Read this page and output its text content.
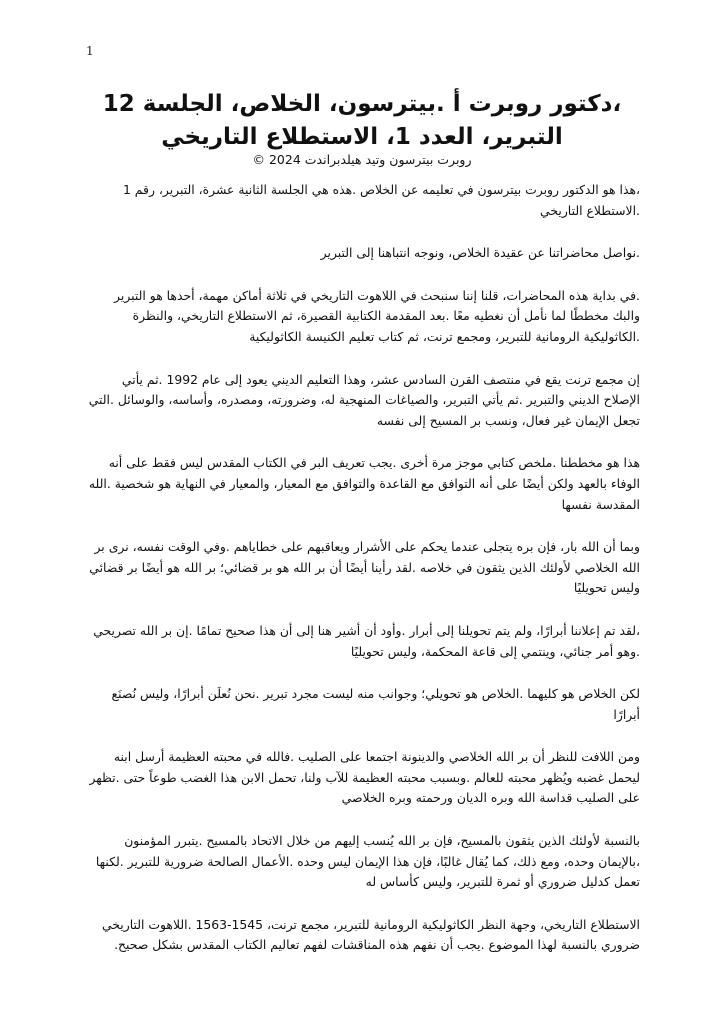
1
،دكتور روبرت أ .بيترسون، الخلاص، الجلسة 12
التبرير، العدد 1، الاستطلاع التاريخي

روبرت بيترسون وتيد هيلدبراندت 2024 ©

،هذا هو الدكتور روبرت بيترسون في تعليمه عن الخلاص .هذه هي الجلسة الثانية عشرة، التبرير، رقم 1 .الاستطلاع التاريخي

.نواصل محاضراتنا عن عقيدة الخلاص، ونوجه انتباهنا إلى التبرير

.في بداية هذه المحاضرات، قلنا إننا سنبحث في اللاهوت التاريخي في ثلاثة أماكن مهمة، أحدها هو التبرير والبك مخططًا لما نأمل أن نغطيه معًا .بعد المقدمة الكتابية القصيرة، ثم الاستطلاع التاريخي، والنظرة .الكاثوليكية الرومانية للتبرير، ومجمع ترنت، ثم كتاب تعليم الكنيسة الكاثوليكية

إن مجمع ترنت يقع في منتصف القرن السادس عشر، وهذا التعليم الديني يعود إلى عام 1992 .ثم يأتي الإصلاح الديني والتبرير .ثم يأتي التبرير، والصياغات المنهجية له، وضرورته، ومصدره، وأساسه، والوسائل .التي تجعل الإيمان غير فعال، ونسب بر المسيح إلى نفسه

هذا هو مخططنا .ملخص كتابي موجز مرة أخرى .يجب تعريف البر في الكتاب المقدس ليس فقط على أنه الوفاء بالعهد ولكن أيضًا على أنه التوافق مع القاعدة والتوافق مع المعيار، والمعيار في النهاية هو شخصية .الله المقدسة نفسها

وبما أن الله بار، فإن بره يتجلى عندما يحكم على الأشرار ويعاقبهم على خطاياهم .وفي الوقت نفسه، نرى بر الله الخلاصي لأولئك الذين يثقون في خلاصه .لقد رأينا أيضًا أن بر الله هو بر قضائي؛ بر الله هو أيضًا بر قضائي وليس تحويليًا

،لقد تم إعلاننا أبرارًا، ولم يتم تحويلنا إلى أبرار .وأود أن أشير هنا إلى أن هذا صحيح تمامًا .إن بر الله تصريحي .وهو أمر جنائي، وينتمي إلى قاعة المحكمة، وليس تحويليًا

لكن الخلاص هو كليهما .الخلاص هو تحويلي؛ وجوانب منه ليست مجرد تبرير .نحن نُعلَن أبرارًا، وليس نُصنَع أبرارًا

ومن اللافت للنظر أن بر الله الخلاصي والدينونة اجتمعا على الصليب .فالله في محبته العظيمة أرسل ابنه ليحمل غضبه ويُظهر محبته للعالم .وبسبب محبته العظيمة للآب ولنا، تحمل الابن هذا الغضب طوعاً حتى .تظهر على الصليب قداسة الله وبره الديان ورحمته وبره الخلاصي

بالنسبة لأولئك الذين يثقون بالمسيح، فإن بر الله يُنسب إليهم من خلال الاتحاد بالمسيح .يتبرر المؤمنون ،بالإيمان وحده، ومع ذلك، كما يُقال غالبًا، فإن هذا الإيمان ليس وحده .الأعمال الصالحة ضرورية للتبرير .لكنها تعمل كدليل ضروري أو ثمرة للتبرير، وليس كأساس له

الاستطلاع التاريخي، وجهة النظر الكاثوليكية الرومانية للتبرير، مجمع ترنت، 1545-1563 .اللاهوت التاريخي ضروري بالنسبة لهذا الموضوع .يجب أن نفهم هذه المناقشات لفهم تعاليم الكتاب المقدس بشكل صحيح.
